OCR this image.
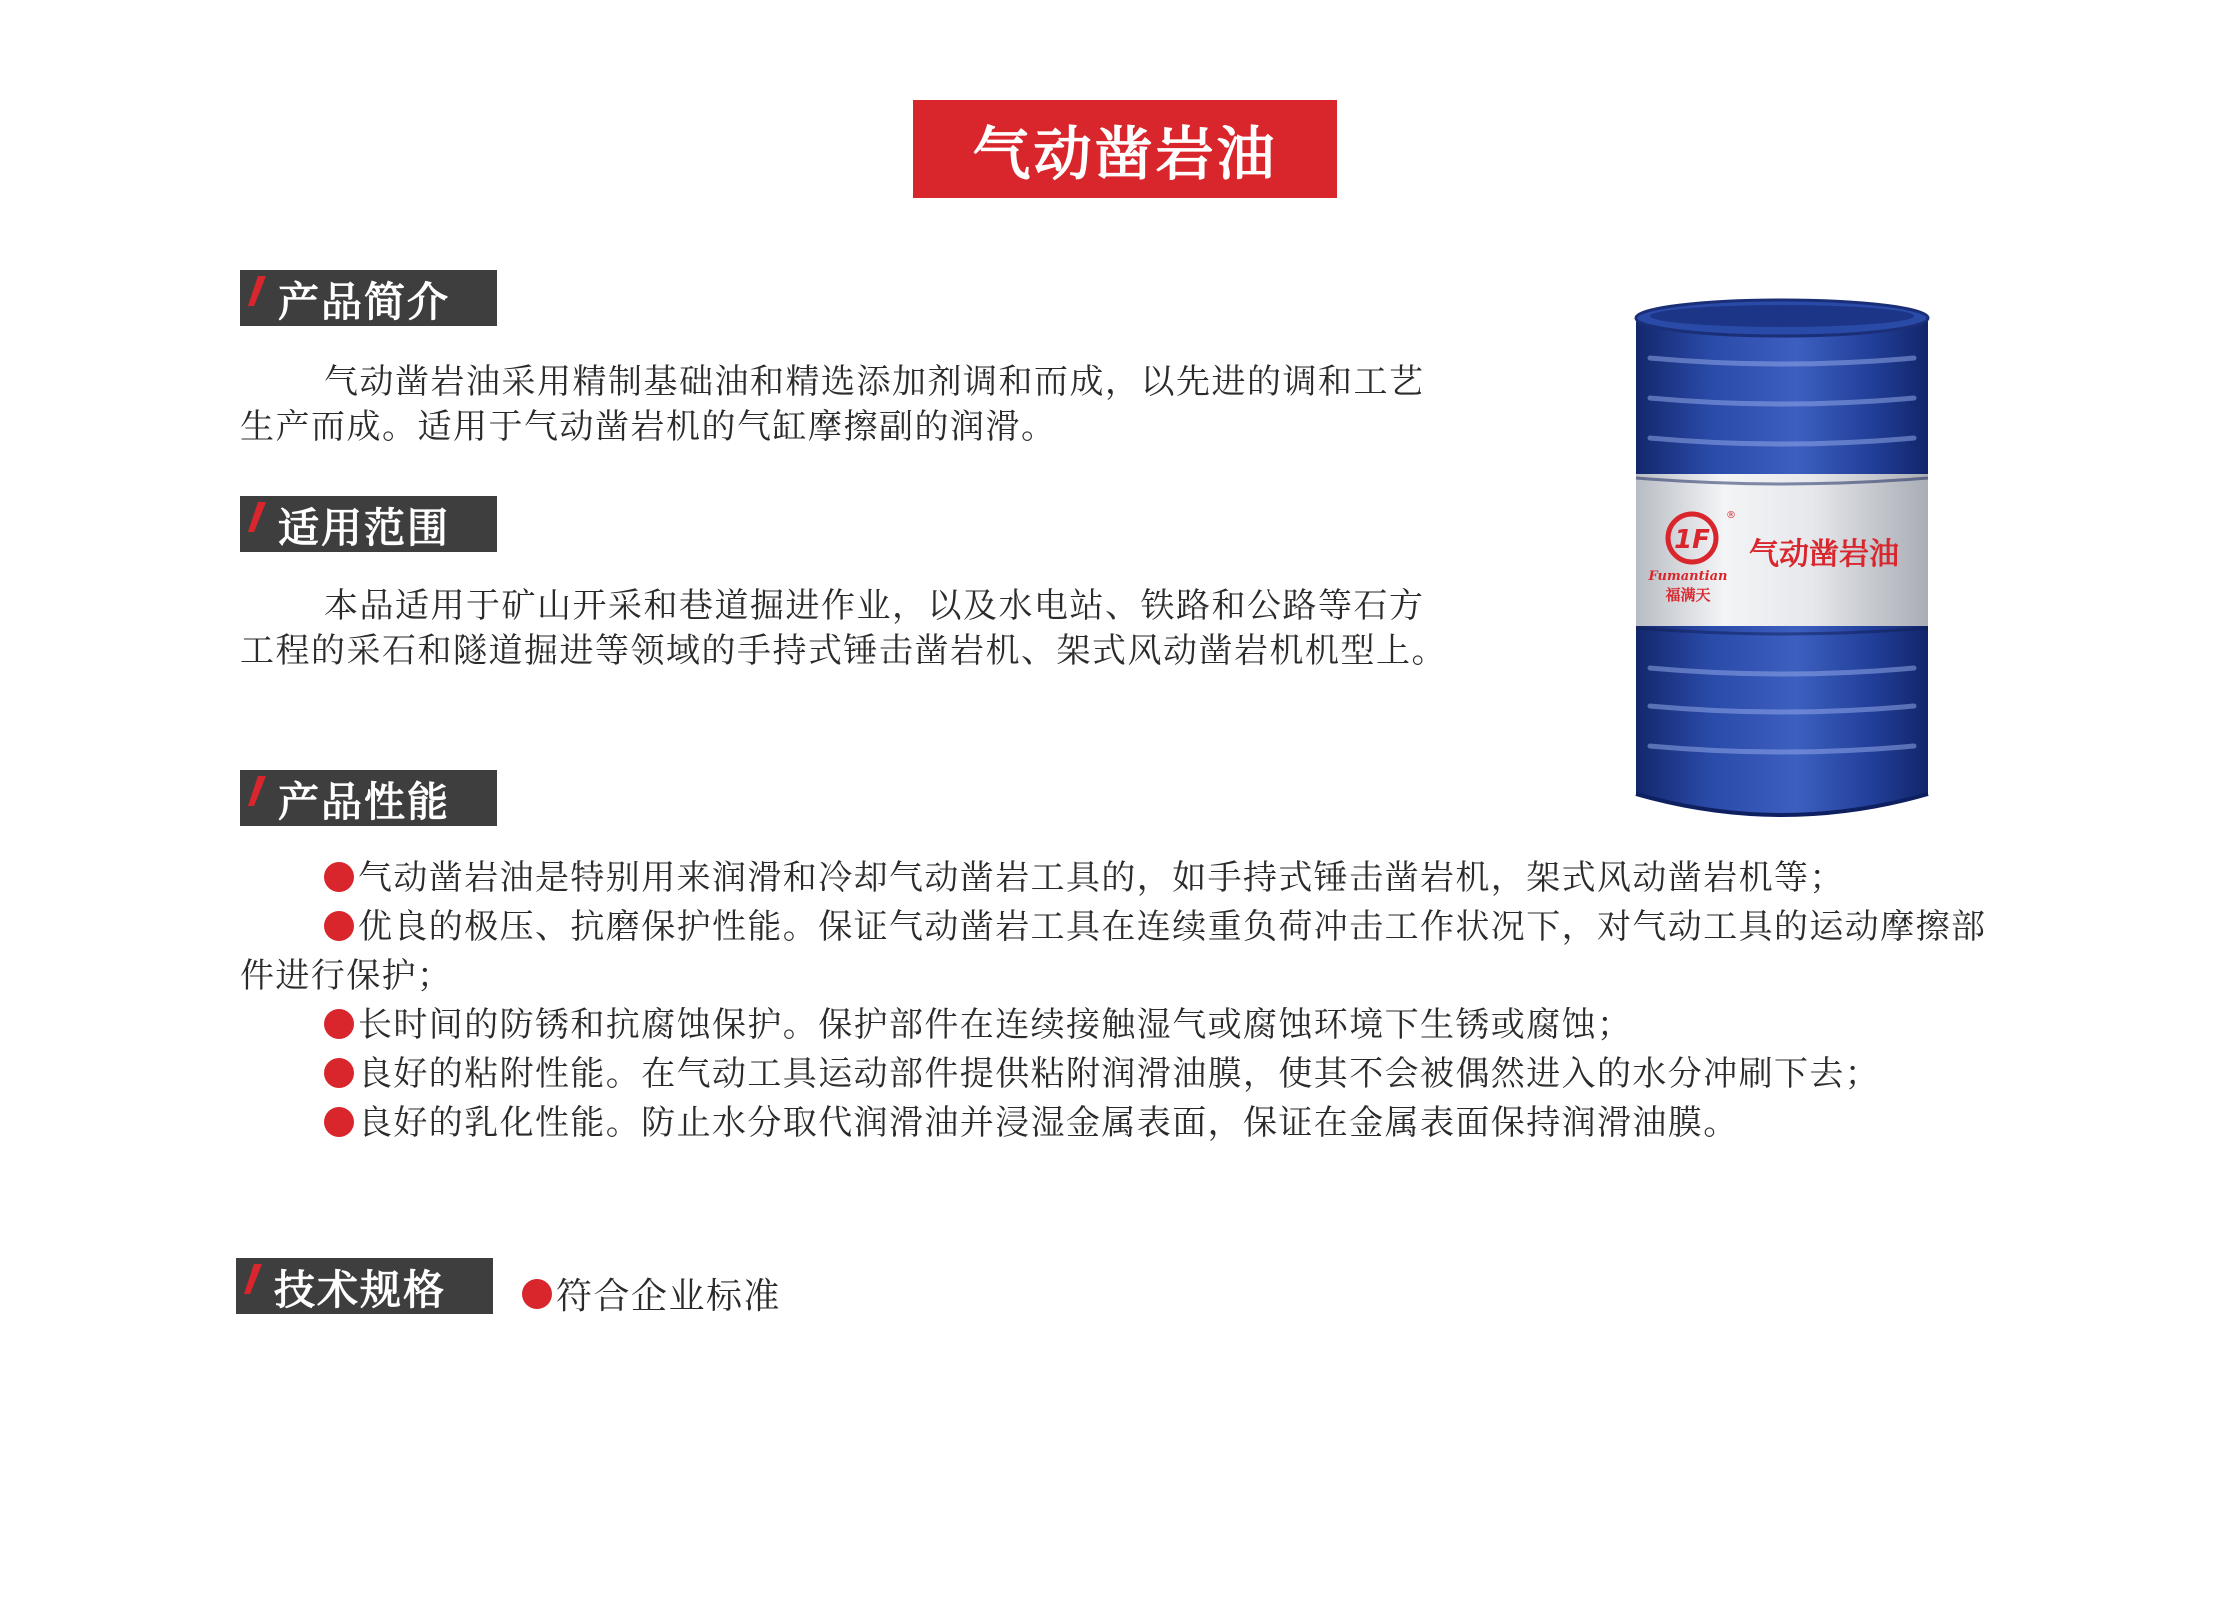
气动凿岩油
产品简介

气动凿岩油采用精制基础油和精选添加剂调和而成，以先进的调和工艺生产而成。适用于气动凿岩机的气缸摩擦副的润滑。

适用范围

本品适用于矿山开采和巷道掘进作业，以及水电站、铁路和公路等石方工程的采石和隧道掘进等领域的手持式锤击凿岩机、架式风动凿岩机机型上。

产品性能
气动凿岩油是特别用来润滑和冷却气动凿岩工具的，如手持式锤击凿岩机，架式风动凿岩机等；
优良的极压、抗磨保护性能。保证气动凿岩工具在连续重负荷冲击工作状况下，对气动工具的运动摩擦部件进行保护；
长时间的防锈和抗腐蚀保护。保护部件在连续接触湿气或腐蚀环境下生锈或腐蚀；
良好的粘附性能。在气动工具运动部件提供粘附润滑油膜，使其不会被偶然进入的水分冲刷下去；
良好的乳化性能。防止水分取代润滑油并浸湿金属表面，保证在金属表面保持润滑油膜。
技术规格	符合企业标准
1F
®
Fumantian
福满天
气动凿岩油
